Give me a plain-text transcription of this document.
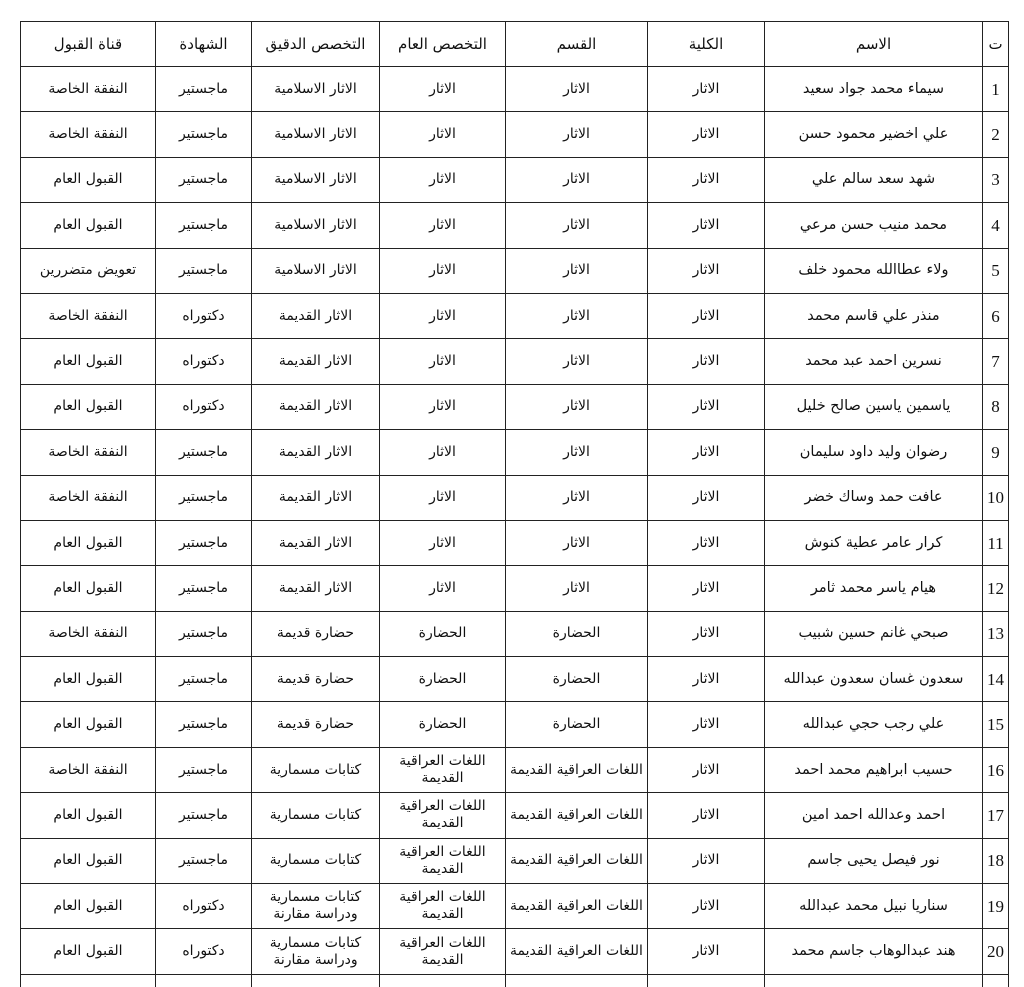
قناة القبول	الشهادة	التخصص الدقيق	التخصص العام	القسم	الكلية	الاسم	ت
النفقة الخاصة	ماجستير	الاثار الاسلامية	الاثار	الاثار	الاثار	سيماء محمد جواد سعيد	1
النفقة الخاصة	ماجستير	الاثار الاسلامية	الاثار	الاثار	الاثار	علي اخضير محمود حسن	2
القبول العام	ماجستير	الاثار الاسلامية	الاثار	الاثار	الاثار	شهد سعد سالم علي	3
القبول العام	ماجستير	الاثار الاسلامية	الاثار	الاثار	الاثار	محمد منيب حسن مرعي	4
تعويض متضررين	ماجستير	الاثار الاسلامية	الاثار	الاثار	الاثار	ولاء عطاالله محمود خلف	5
النفقة الخاصة	دكتوراه	الاثار القديمة	الاثار	الاثار	الاثار	منذر علي قاسم محمد	6
القبول العام	دكتوراه	الاثار القديمة	الاثار	الاثار	الاثار	نسرين احمد عبد محمد	7
القبول العام	دكتوراه	الاثار القديمة	الاثار	الاثار	الاثار	ياسمين ياسين صالح خليل	8
النفقة الخاصة	ماجستير	الاثار القديمة	الاثار	الاثار	الاثار	رضوان وليد داود سليمان	9
النفقة الخاصة	ماجستير	الاثار القديمة	الاثار	الاثار	الاثار	عافت حمد وساك خضر	10
القبول العام	ماجستير	الاثار القديمة	الاثار	الاثار	الاثار	كرار عامر عطية كنوش	11
القبول العام	ماجستير	الاثار القديمة	الاثار	الاثار	الاثار	هيام ياسر محمد ثامر	12
النفقة الخاصة	ماجستير	حضارة قديمة	الحضارة	الحضارة	الاثار	صبحي غانم حسين شبيب	13
القبول العام	ماجستير	حضارة قديمة	الحضارة	الحضارة	الاثار	سعدون غسان سعدون عبدالله	14
القبول العام	ماجستير	حضارة قديمة	الحضارة	الحضارة	الاثار	علي رجب حجي عبدالله	15
النفقة الخاصة	ماجستير	كتابات مسمارية	اللغات العراقية القديمة	اللغات العراقية القديمة	الاثار	حسيب ابراهيم محمد احمد	16
القبول العام	ماجستير	كتابات مسمارية	اللغات العراقية القديمة	اللغات العراقية القديمة	الاثار	احمد وعدالله احمد امين	17
القبول العام	ماجستير	كتابات مسمارية	اللغات العراقية القديمة	اللغات العراقية القديمة	الاثار	نور فيصل يحيى جاسم	18
القبول العام	دكتوراه	كتابات مسمارية ودراسة مقارنة	اللغات العراقية القديمة	اللغات العراقية القديمة	الاثار	سناريا نبيل محمد عبدالله	19
القبول العام	دكتوراه	كتابات مسمارية ودراسة مقارنة	اللغات العراقية القديمة	اللغات العراقية القديمة	الاثار	هند عبدالوهاب جاسم محمد	20
